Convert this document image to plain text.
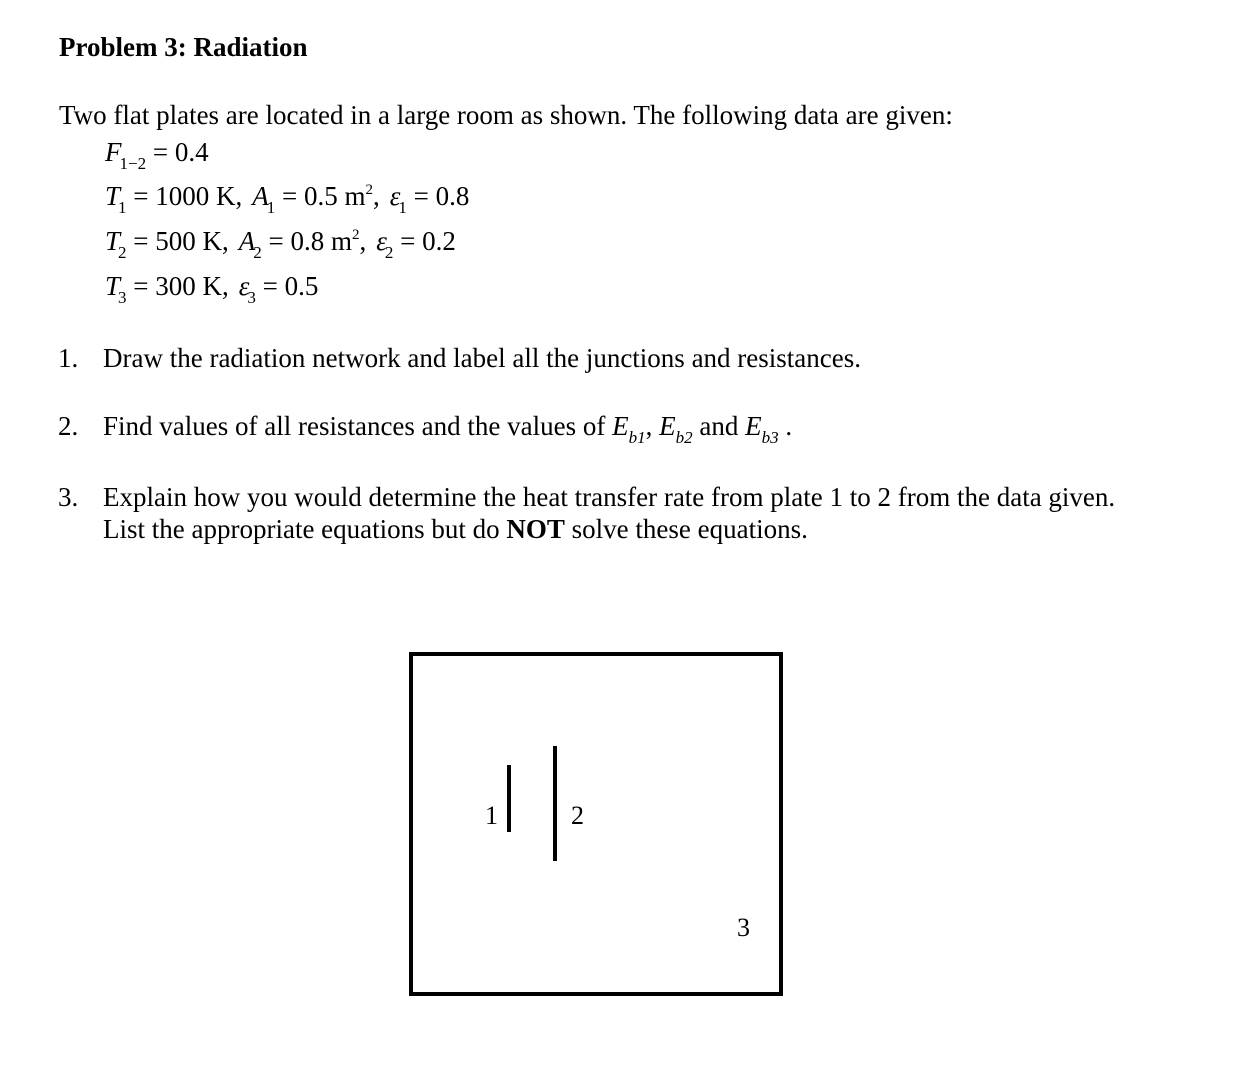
Problem 3: Radiation
Two flat plates are located in a large room as shown. The following data are given:
$F_{1-2} = 0.4$
$T_1 = 1000$ K, $A_1 = 0.5$ $m^2$, $\varepsilon_1 = 0.8$
$T_2 = 500$ K, $A_2 = 0.8$ $m^2$, $\varepsilon_2 = 0.2$
$T_3 = 300$ K, $\varepsilon_3 = 0.5$
1. Draw the radiation network and label all the junctions and resistances.
2. Find values of all resistances and the values of $E_{b1}$, $E_{b2}$ and $E_{b3}$ .
3. Explain how you would determine the heat transfer rate from plate 1 to 2 from the data given.
List the appropriate equations but do NOT solve these equations.
1	2
3
